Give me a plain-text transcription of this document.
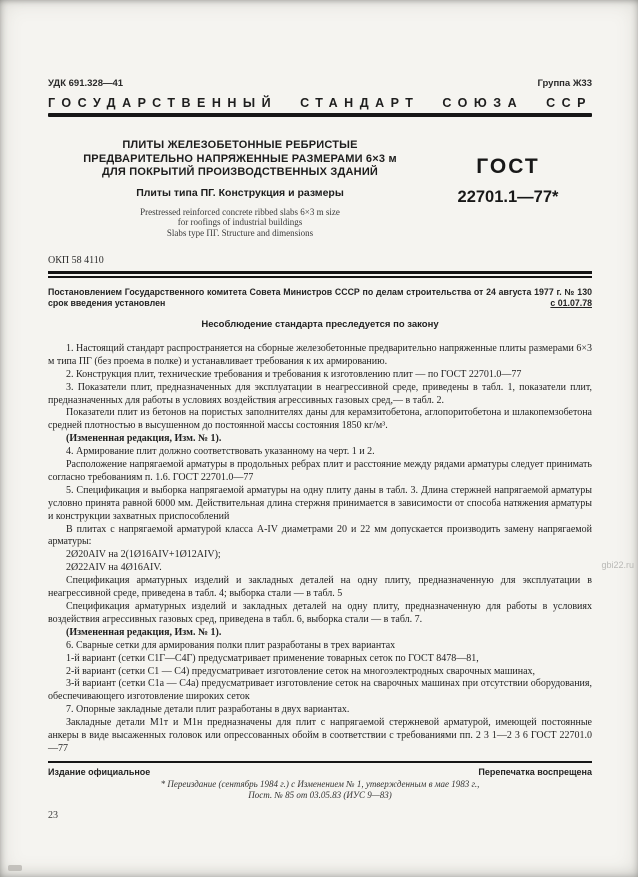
УДК 691.328—41	Группа Ж33
ГОСУДАРСТВЕННЫЙ СТАНДАРТ СОЮЗА ССР
ПЛИТЫ ЖЕЛЕЗОБЕТОННЫЕ РЕБРИСТЫЕ
ПРЕДВАРИТЕЛЬНО НАПРЯЖЕННЫЕ РАЗМЕРАМИ 6×3 м
ДЛЯ ПОКРЫТИЙ ПРОИЗВОДСТВЕННЫХ ЗДАНИЙ
Плиты типа ПГ. Конструкция и размеры
Prestressed reinforced concrete ribbed slabs 6×3 m size
for roofings of industrial buildings
Slabs type ПГ. Structure and dimensions
ГОСТ
22701.1—77*
ОКП 58 4110
Постановлением Государственного комитета Совета Министров СССР по делам строительства от 24 августа 1977 г. № 130
срок введения установлен	с 01.07.78
Несоблюдение стандарта преследуется по закону

1. Настоящий стандарт распространяется на сборные железобетонные предварительно напряженные плиты размерами 6×3 м типа ПГ (без проема в полке) и устанавливает требования к их армированию.

2. Конструкция плит, технические требования и требования к изготовлению плит — по ГОСТ 22701.0—77

3. Показатели плит, предназначенных для эксплуатации в неагрессивной среде, приведены в табл. 1, показатели плит, предназначенных для работы в условиях воздействия агрессивных газовых сред,— в табл. 2.

Показатели плит из бетонов на пористых заполнителях даны для керамзитобетона, аглопоритобетона и шлакопемзобетона средней плотностью в высушенном до постоянной массы состояния 1850 кг/м³.

(Измененная редакция, Изм. № 1).

4. Армирование плит должно соответствовать указанному на черт. 1 и 2.

Расположение напрягаемой арматуры в продольных ребрах плит и расстояние между рядами арматуры следует принимать согласно требованиям п. 1.6. ГОСТ 22701.0—77

5. Спецификация и выборка напрягаемой арматуры на одну плиту даны в табл. 3. Длина стержней напрягаемой арматуры условно принята равной 6000 мм. Действительная длина стержня принимается в зависимости от способа натяжения арматуры и конструкции захватных приспособлений

В плитах с напрягаемой арматурой класса А-IV диаметрами 20 и 22 мм допускается производить замену напрягаемой арматуры:

2Ø20АIV на 2(1Ø16АIV+1Ø12АIV);

2Ø22АIV на 4Ø16АIV.

Спецификация арматурных изделий и закладных деталей на одну плиту, предназначенную для эксплуатации в неагрессивной среде, приведена в табл. 4; выборка стали — в табл. 5

Спецификация арматурных изделий и закладных деталей на одну плиту, предназначенную для работы в условиях воздействия агрессивных газовых сред, приведена в табл. 6, выборка стали — в табл. 7.

(Измененная редакция, Изм. № 1).

6. Сварные сетки для армирования полки плит разработаны в трех вариантах

1-й вариант (сетки С1Г—С4Г) предусматривает применение товарных сеток по ГОСТ 8478—81,

2-й вариант (сетки С1 — С4) предусматривает изготовление сеток на многоэлектродных сварочных машинах,

3-й вариант (сетки С1а — С4а) предусматривает изготовление сеток на сварочных машинах при отсутствии оборудования, обеспечивающего изготовление широких сеток

7. Опорные закладные детали плит разработаны в двух вариантах.

Закладные детали М1т и М1н предназначены для плит с напрягаемой стержневой арматурой, имеющей постоянные анкеры в виде высаженных головок или опрессованных обойм в соответствии с требованиями пп. 2 3 1—2 3 6 ГОСТ 22701.0—77

Издание официальное	Перепечатка воспрещена
* Переиздание (сентябрь 1984 г.) с Изменением № 1, утвержденным в мае 1983 г.,
Пост. № 85 от 03.05.83 (ИУС 9—83)
23
gbi22.ru
